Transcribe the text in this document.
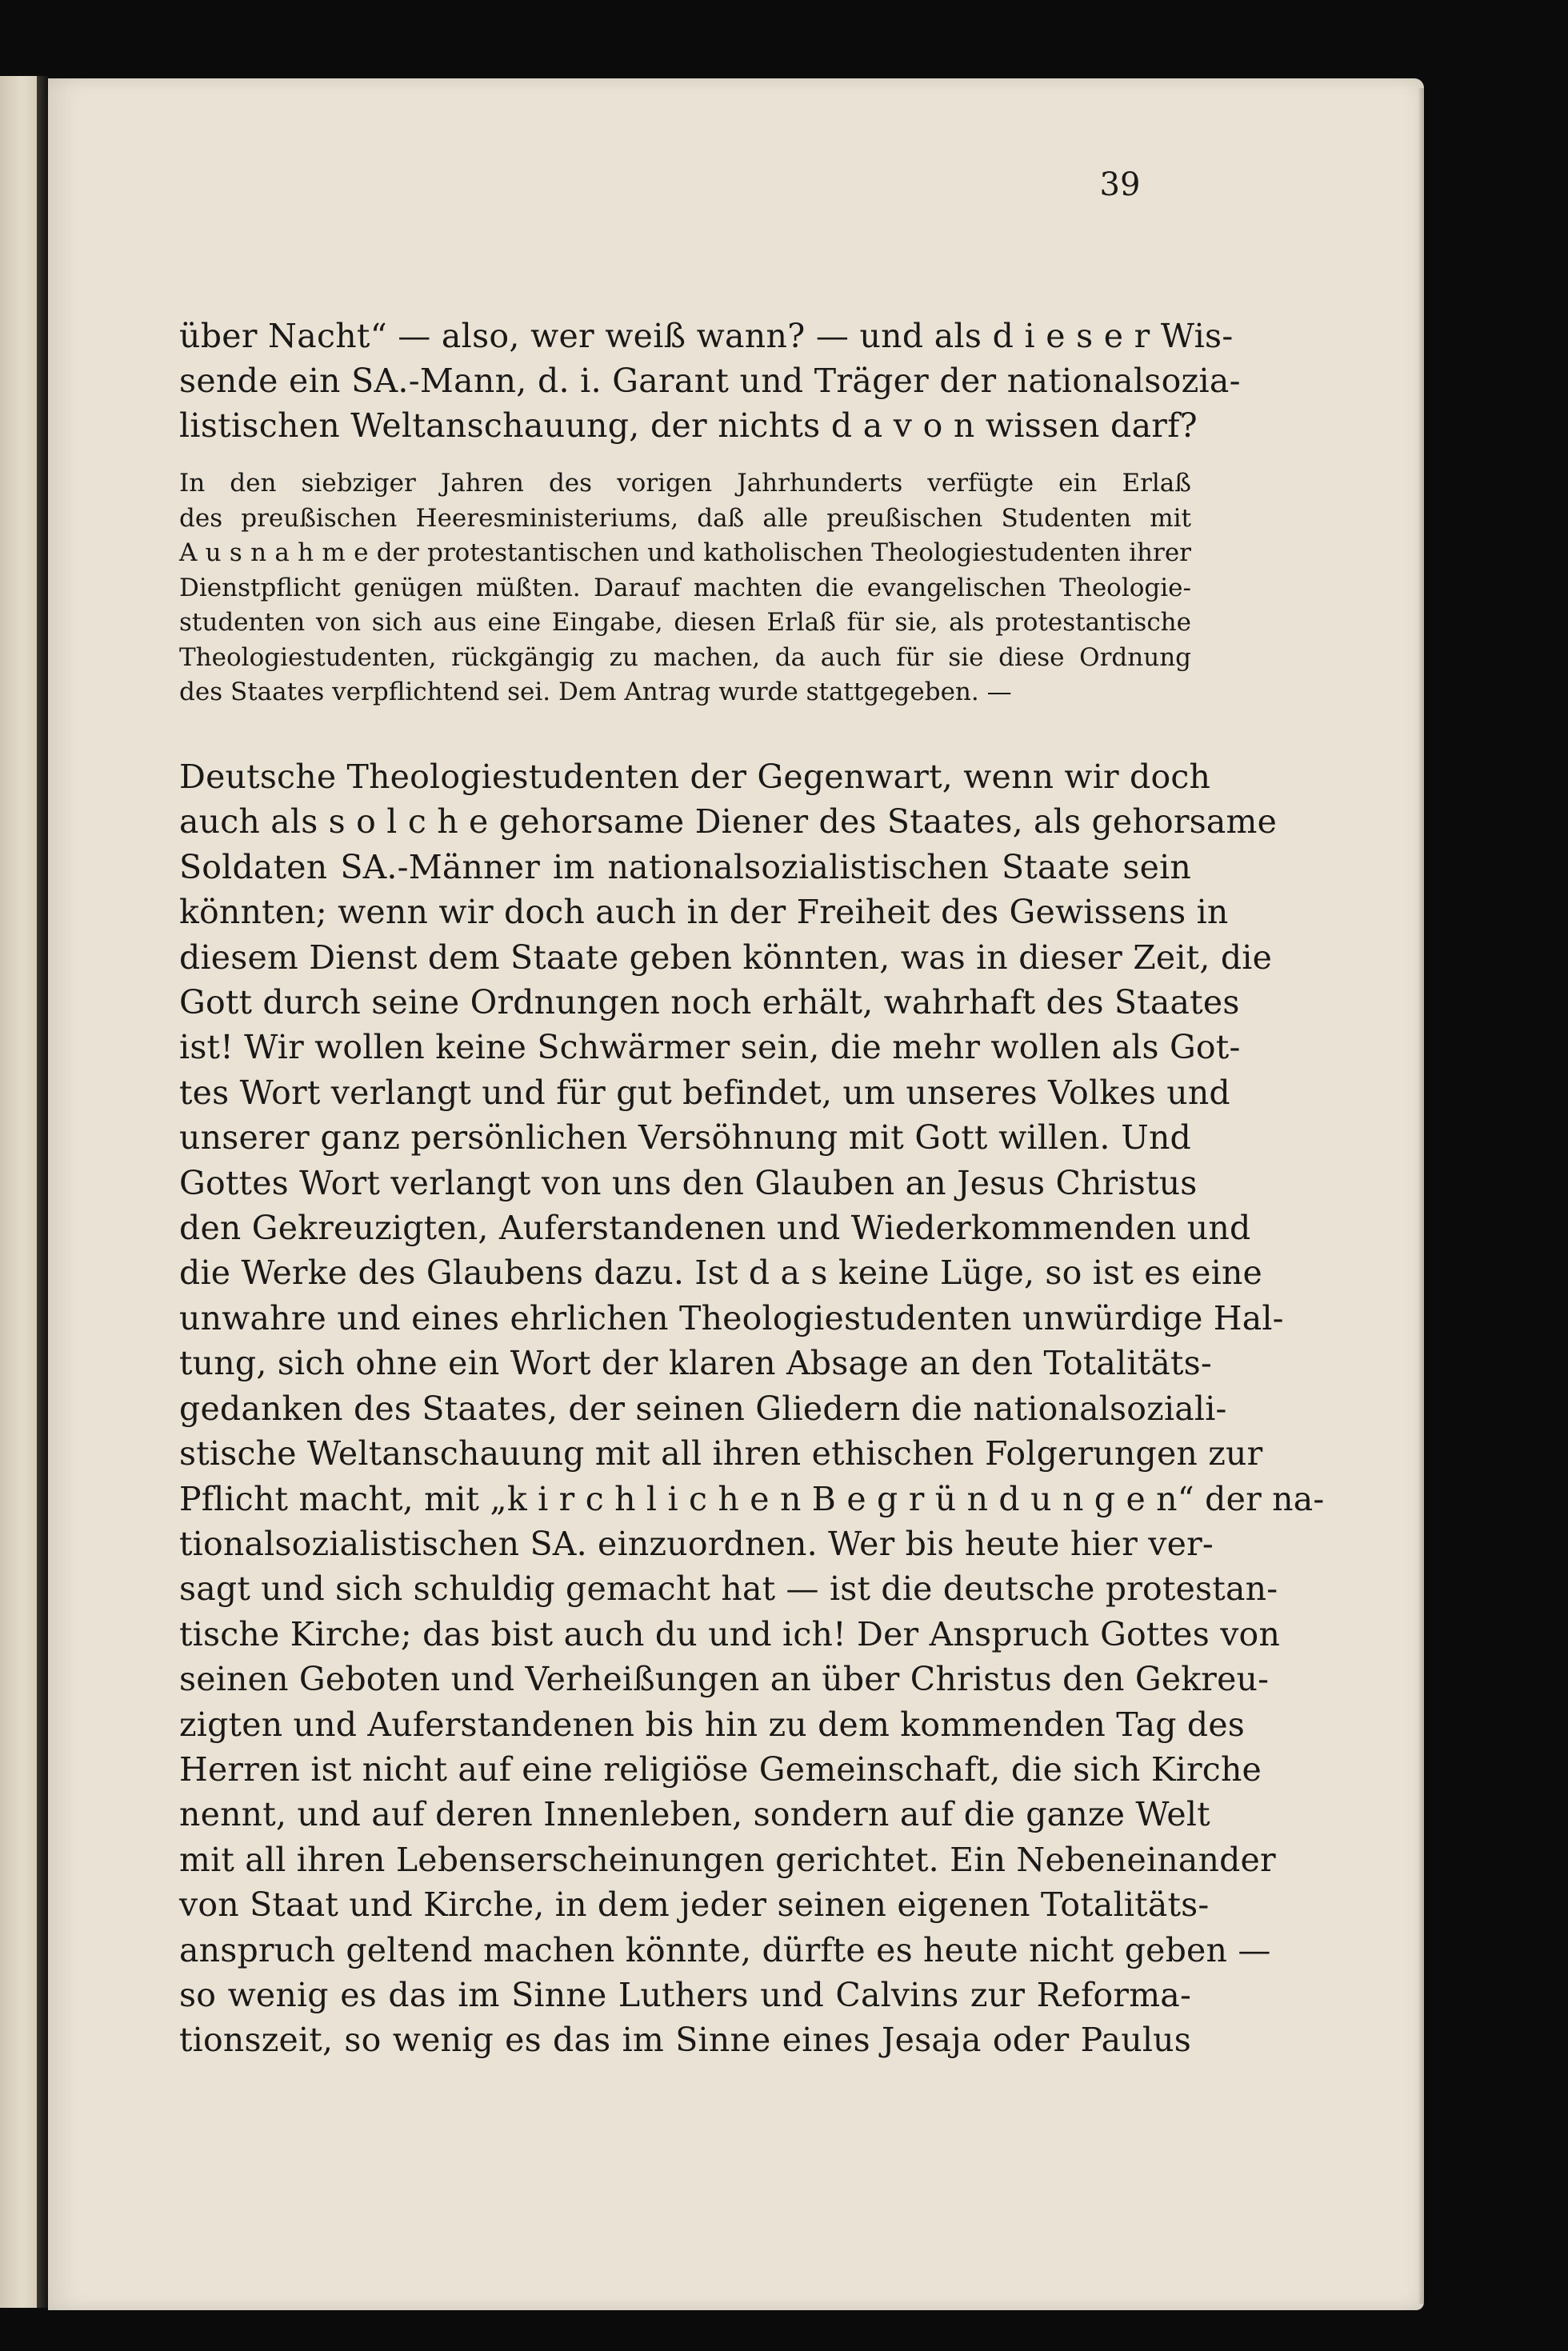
39
über Nacht“ — also, wer weiß wann? — und als d i e s e r Wis-
sende ein SA.-Mann, d. i. Garant und Träger der nationalsozia-
listischen Weltanschauung, der nichts d a v o n wissen darf?
In den siebziger Jahren des vorigen Jahrhunderts verfügte ein Erlaß
des preußischen Heeresministeriums, daß alle preußischen Studenten mit
A u s n a h m e der protestantischen und katholischen Theologiestudenten ihrer
Dienstpflicht genügen müßten. Darauf machten die evangelischen Theologie-
studenten von sich aus eine Eingabe, diesen Erlaß für sie, als protestantische
Theologiestudenten, rückgängig zu machen, da auch für sie diese Ordnung
des Staates verpflichtend sei. Dem Antrag wurde stattgegeben. —
Deutsche Theologiestudenten der Gegenwart, wenn wir doch
auch als s o l c h e gehorsame Diener des Staates, als gehorsame
Soldaten SA.-Männer im nationalsozialistischen Staate sein
könnten; wenn wir doch auch in der Freiheit des Gewissens in
diesem Dienst dem Staate geben könnten, was in dieser Zeit, die
Gott durch seine Ordnungen noch erhält, wahrhaft des Staates
ist! Wir wollen keine Schwärmer sein, die mehr wollen als Got-
tes Wort verlangt und für gut befindet, um unseres Volkes und
unserer ganz persönlichen Versöhnung mit Gott willen. Und
Gottes Wort verlangt von uns den Glauben an Jesus Christus
den Gekreuzigten, Auferstandenen und Wiederkommenden und
die Werke des Glaubens dazu. Ist d a s keine Lüge, so ist es eine
unwahre und eines ehrlichen Theologiestudenten unwürdige Hal-
tung, sich ohne ein Wort der klaren Absage an den Totalitäts-
gedanken des Staates, der seinen Gliedern die nationalsoziali-
stische Weltanschauung mit all ihren ethischen Folgerungen zur
Pflicht macht, mit „k i r c h l i c h e n B e g r ü n d u n g e n“ der na-
tionalsozialistischen SA. einzuordnen. Wer bis heute hier ver-
sagt und sich schuldig gemacht hat — ist die deutsche protestan-
tische Kirche; das bist auch du und ich! Der Anspruch Gottes von
seinen Geboten und Verheißungen an über Christus den Gekreu-
zigten und Auferstandenen bis hin zu dem kommenden Tag des
Herren ist nicht auf eine religiöse Gemeinschaft, die sich Kirche
nennt, und auf deren Innenleben, sondern auf die ganze Welt
mit all ihren Lebenserscheinungen gerichtet. Ein Nebeneinander
von Staat und Kirche, in dem jeder seinen eigenen Totalitäts-
anspruch geltend machen könnte, dürfte es heute nicht geben —
so wenig es das im Sinne Luthers und Calvins zur Reforma-
tionszeit, so wenig es das im Sinne eines Jesaja oder Paulus
